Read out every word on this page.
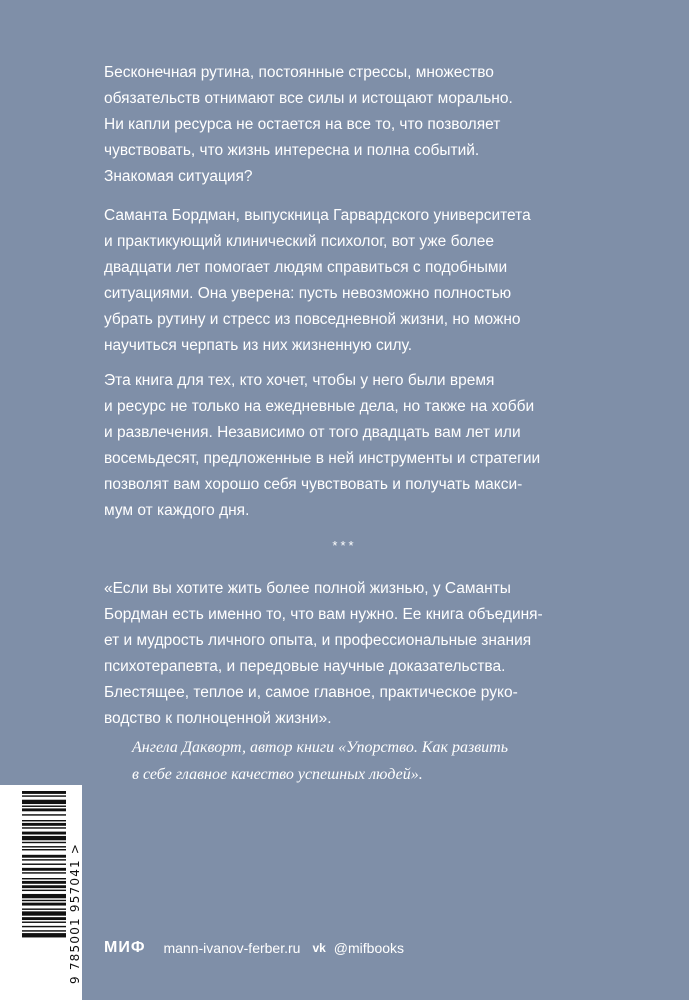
Бесконечная рутина, постоянные стрессы, множество
обязательств отнимают все силы и истощают морально.
Ни капли ресурса не остается на все то, что позволяет
чувствовать, что жизнь интересна и полна событий.
Знакомая ситуация?
Саманта Бордман, выпускница Гарвардского университета
и практикующий клинический психолог, вот уже более
двадцати лет помогает людям справиться с подобными
ситуациями. Она уверена: пусть невозможно полностью
убрать рутину и стресс из повседневной жизни, но можно
научиться черпать из них жизненную силу.
Эта книга для тех, кто хочет, чтобы у него были время
и ресурс не только на ежедневные дела, но также на хобби
и развлечения. Независимо от того двадцать вам лет или
восемьдесят, предложенные в ней инструменты и стратегии
позволят вам хорошо себя чувствовать и получать макси-
мум от каждого дня.
***
«Если вы хотите жить более полной жизнью, у Саманты
Бордман есть именно то, что вам нужно. Ее книга объединя-
ет и мудрость личного опыта, и профессиональные знания
психотерапевта, и передовые научные доказательства.
Блестящее, теплое и, самое главное, практическое руко-
водство к полноценной жизни».
Ангела Дакворт, автор книги «Упорство. Как развить
в себе главное качество успешных людей».
9 785001 957041 > МИФ mann-ivanov-ferber.ru vk @mifbooks
